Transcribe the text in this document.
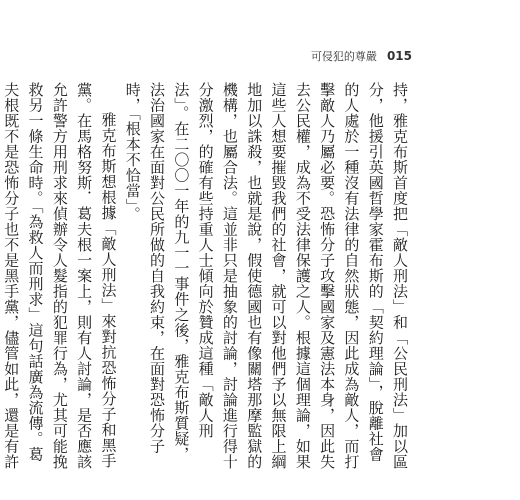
可侵犯的尊嚴 015

持，雅克布斯首度把「敵人刑法」和「公民刑法」加以區分，他援引英國哲學家霍布斯的「契約理論」，脫離社會的人處於一種沒有法律的自然狀態，因此成為敵人，而打擊敵人乃屬必要。恐怖分子攻擊國家及憲法本身，因此失去公民權，成為不受法律保護之人。根據這個理論，如果這些人想要摧毀我們的社會，就可以對他們予以無限上綱地加以誅殺，也就是說，假使德國也有像關塔那摩監獄的機構，也屬合法。這並非只是抽象的討論，討論進行得十分激烈，的確有些持重人士傾向於贊成這種「敵人刑法」。在二〇〇一年的九一一事件之後，雅克布斯質疑，法治國家在面對公民所做的自我約束，在面對恐怖分子時，「根本不恰當」。

雅克布斯想根據「敵人刑法」來對抗恐怖分子和黑手黨。在馬格努斯．葛夫根一案上，則有人討論，是否應該允許警方用刑求來偵辦令人髮指的犯罪行為，尤其可能挽救另一條生命時。「為救人而刑求」這句話廣為流傳。葛夫根既不是恐怖分子也不是黑手黨，儘管如此，還是有許
